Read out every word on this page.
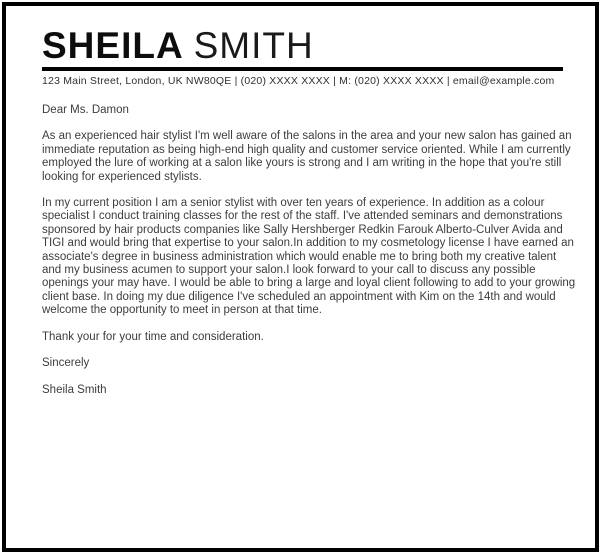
SHEILA SMITH
123 Main Street, London, UK NW80QE | (020) XXXX XXXX | M: (020) XXXX XXXX | email@example.com

Dear Ms. Damon

As an experienced hair stylist I'm well aware of the salons in the area and your new salon has gained an immediate reputation as being high-end high quality and customer service oriented. While I am currently employed the lure of working at a salon like yours is strong and I am writing in the hope that you're still looking for experienced stylists.

In my current position I am a senior stylist with over ten years of experience. In addition as a colour specialist I conduct training classes for the rest of the staff. I've attended seminars and demonstrations sponsored by hair products companies like Sally Hershberger Redkin Farouk Alberto-Culver Avida and TIGI and would bring that expertise to your salon.In addition to my cosmetology license I have earned an associate's degree in business administration which would enable me to bring both my creative talent and my business acumen to support your salon.I look forward to your call to discuss any possible openings your may have. I would be able to bring a large and loyal client following to add to your growing client base. In doing my due diligence I've scheduled an appointment with Kim on the 14th and would welcome the opportunity to meet in person at that time.

Thank your for your time and consideration.

Sincerely

Sheila Smith
